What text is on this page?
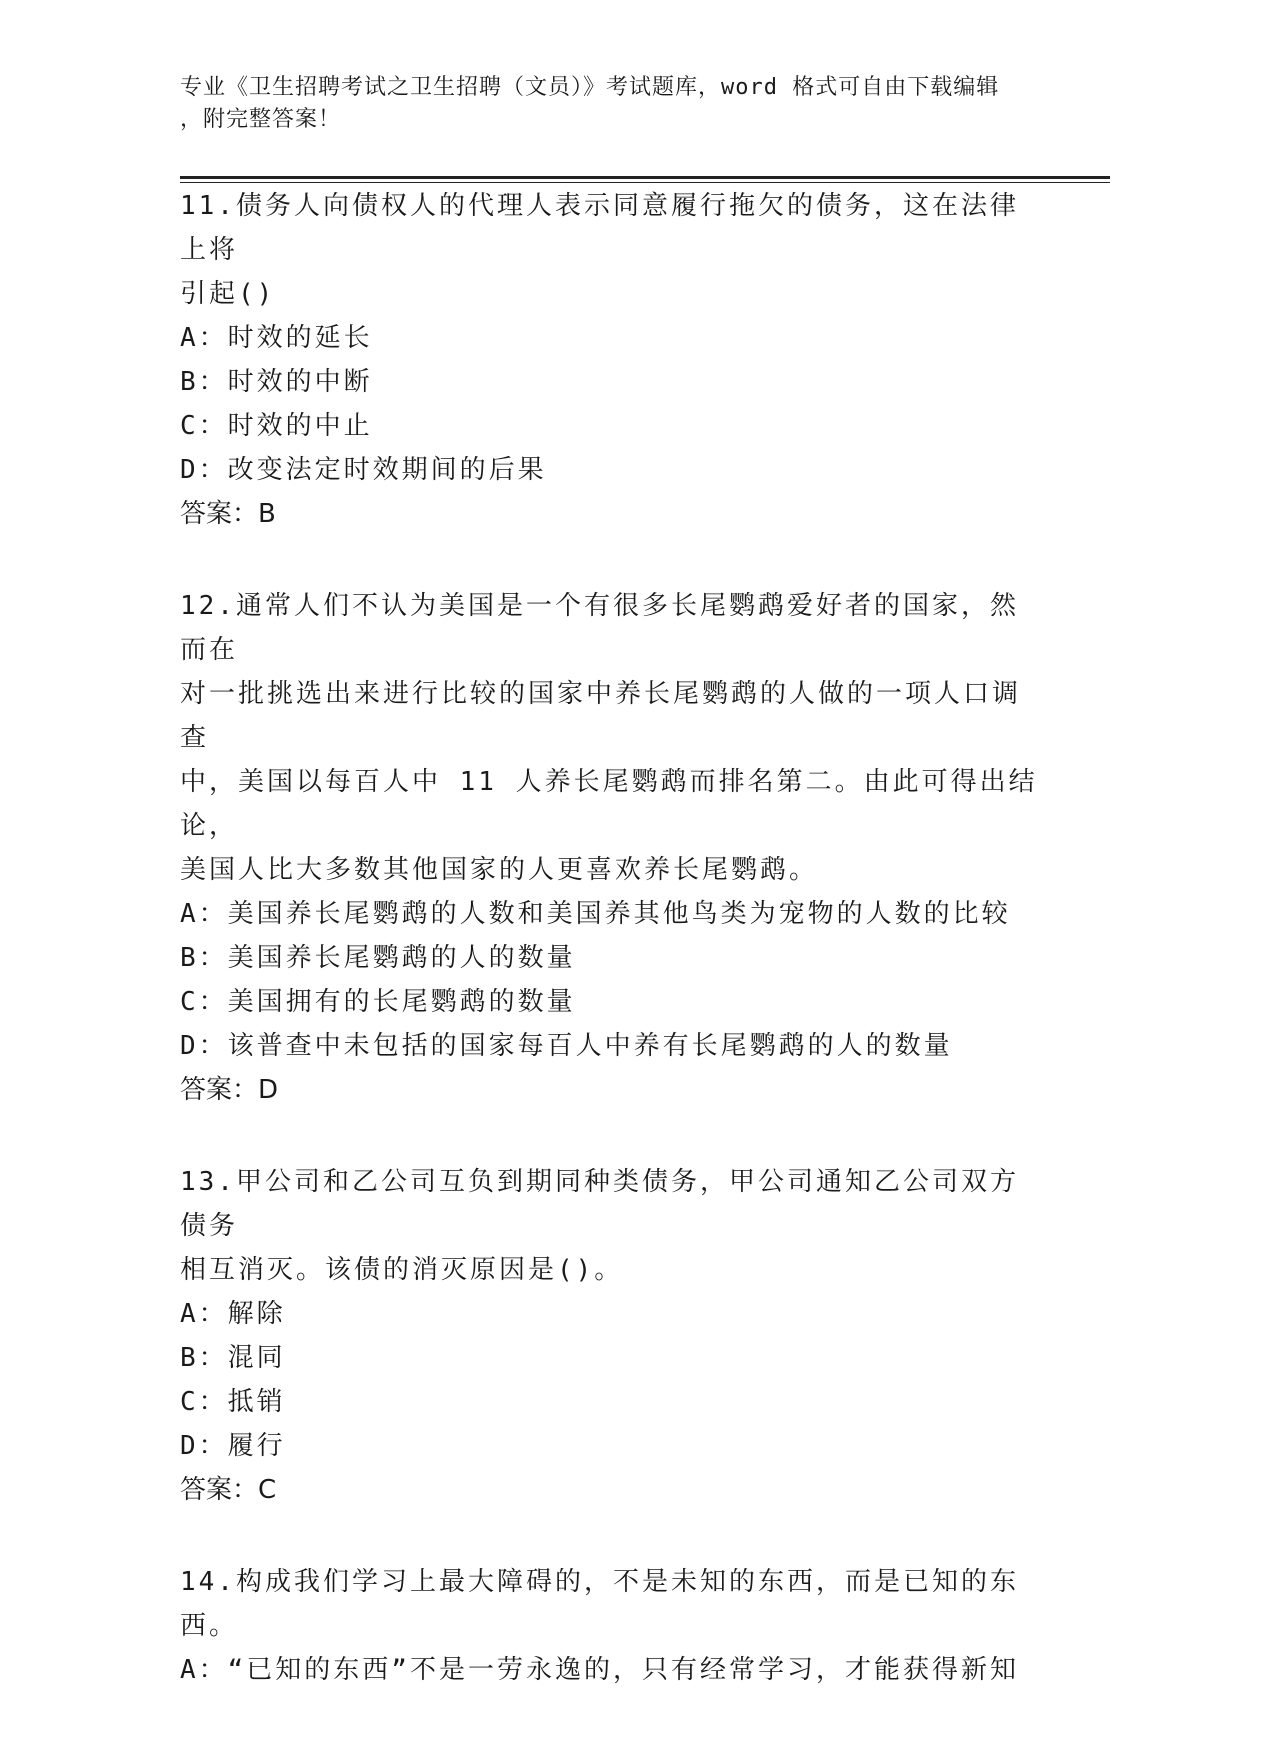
专业《卫生招聘考试之卫生招聘（文员）》考试题库，word 格式可自由下载编辑
，附完整答案！

11.债务人向债权人的代理人表示同意履行拖欠的债务，这在法律上将

引起()

A：时效的延长

B：时效的中断

C：时效的中止

D：改变法定时效期间的后果

答案：B

12.通常人们不认为美国是一个有很多长尾鹦鹉爱好者的国家，然而在

对一批挑选出来进行比较的国家中养长尾鹦鹉的人做的一项人口调查

中，美国以每百人中 11 人养长尾鹦鹉而排名第二。由此可得出结论，

美国人比大多数其他国家的人更喜欢养长尾鹦鹉。

A：美国养长尾鹦鹉的人数和美国养其他鸟类为宠物的人数的比较

B：美国养长尾鹦鹉的人的数量

C：美国拥有的长尾鹦鹉的数量

D：该普查中未包括的国家每百人中养有长尾鹦鹉的人的数量

答案：D

13.甲公司和乙公司互负到期同种类债务，甲公司通知乙公司双方债务

相互消灭。该债的消灭原因是()。

A：解除

B：混同

C：抵销

D：履行

答案：C

14.构成我们学习上最大障碍的，不是未知的东西，而是已知的东西。

A：“已知的东西”不是一劳永逸的，只有经常学习，才能获得新知
